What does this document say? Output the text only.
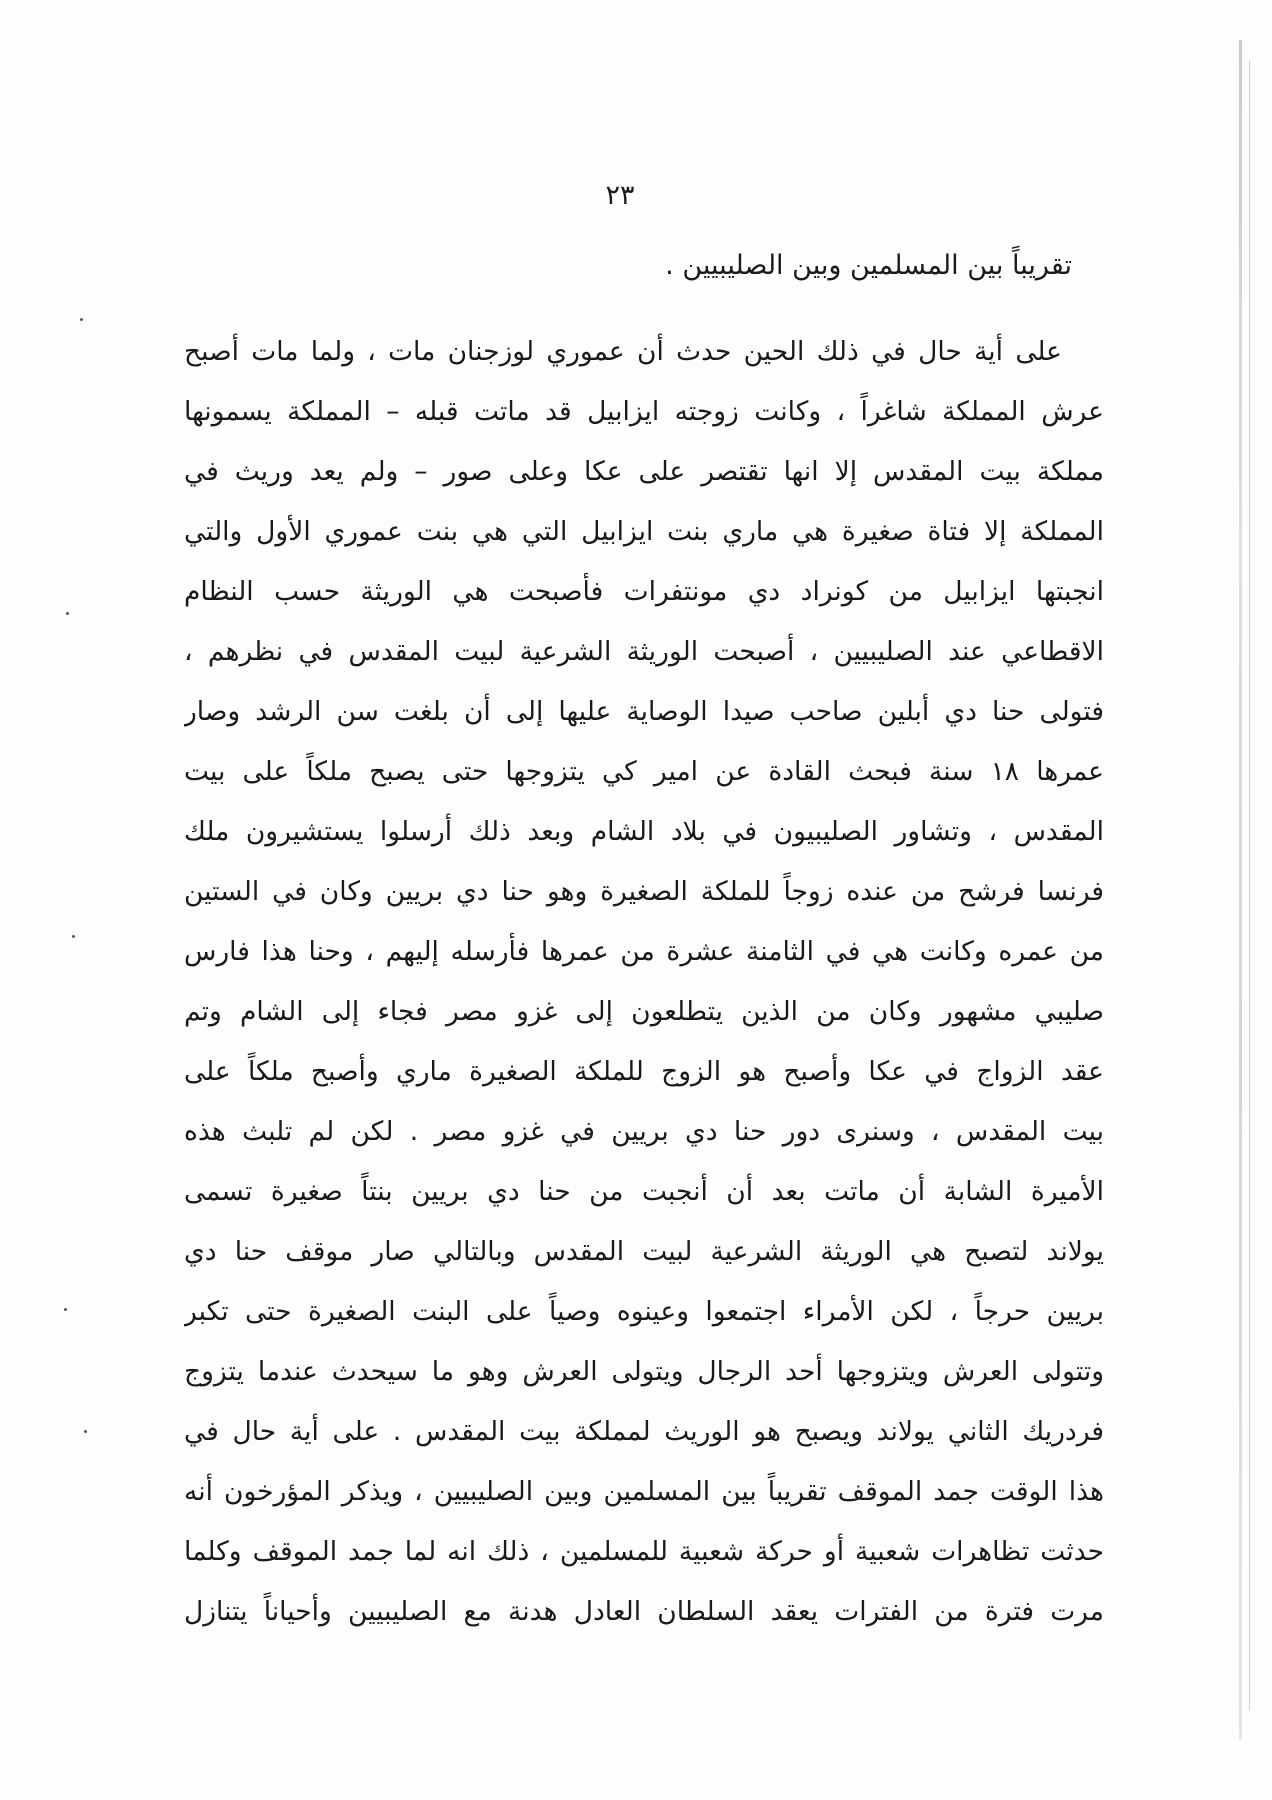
٢٣
تقريباً بين المسلمين وبين الصليبيين .
على أية حال في ذلك الحين حدث أن عموري لوزجنان مات ، ولما مات أصبح
عرش المملكة شاغراً ، وكانت زوجته ايزابيل قد ماتت قبله – المملكة يسمونها
مملكة بيت المقدس إلا انها تقتصر على عكا وعلى صور – ولم يعد وريث في
المملكة إلا فتاة صغيرة هي ماري بنت ايزابيل التي هي بنت عموري الأول والتي
انجبتها ايزابيل من كونراد دي مونتفرات فأصبحت هي الوريثة حسب النظام
الاقطاعي عند الصليبيين ، أصبحت الوريثة الشرعية لبيت المقدس في نظرهم ،
فتولى حنا دي أبلين صاحب صيدا الوصاية عليها إلى أن بلغت سن الرشد وصار
عمرها ١٨ سنة فبحث القادة عن امير كي يتزوجها حتى يصبح ملكاً على بيت
المقدس ، وتشاور الصليبيون في بلاد الشام وبعد ذلك أرسلوا يستشيرون ملك
فرنسا فرشح من عنده زوجاً للملكة الصغيرة وهو حنا دي بريين وكان في الستين
من عمره وكانت هي في الثامنة عشرة من عمرها فأرسله إليهم ، وحنا هذا فارس
صليبي مشهور وكان من الذين يتطلعون إلى غزو مصر فجاء إلى الشام وتم
عقد الزواج في عكا وأصبح هو الزوج للملكة الصغيرة ماري وأصبح ملكاً على
بيت المقدس ، وسنرى دور حنا دي بريين في غزو مصر . لكن لم تلبث هذه
الأميرة الشابة أن ماتت بعد أن أنجبت من حنا دي بريين بنتاً صغيرة تسمى
يولاند لتصبح هي الوريثة الشرعية لبيت المقدس وبالتالي صار موقف حنا دي
بريين حرجاً ، لكن الأمراء اجتمعوا وعينوه وصياً على البنت الصغيرة حتى تكبر
وتتولى العرش ويتزوجها أحد الرجال ويتولى العرش وهو ما سيحدث عندما يتزوج
فردريك الثاني يولاند ويصبح هو الوريث لمملكة بيت المقدس . على أية حال في
هذا الوقت جمد الموقف تقريباً بين المسلمين وبين الصليبيين ، ويذكر المؤرخون أنه
حدثت تظاهرات شعبية أو حركة شعبية للمسلمين ، ذلك انه لما جمد الموقف وكلما
مرت فترة من الفترات يعقد السلطان العادل هدنة مع الصليبيين وأحياناً يتنازل
